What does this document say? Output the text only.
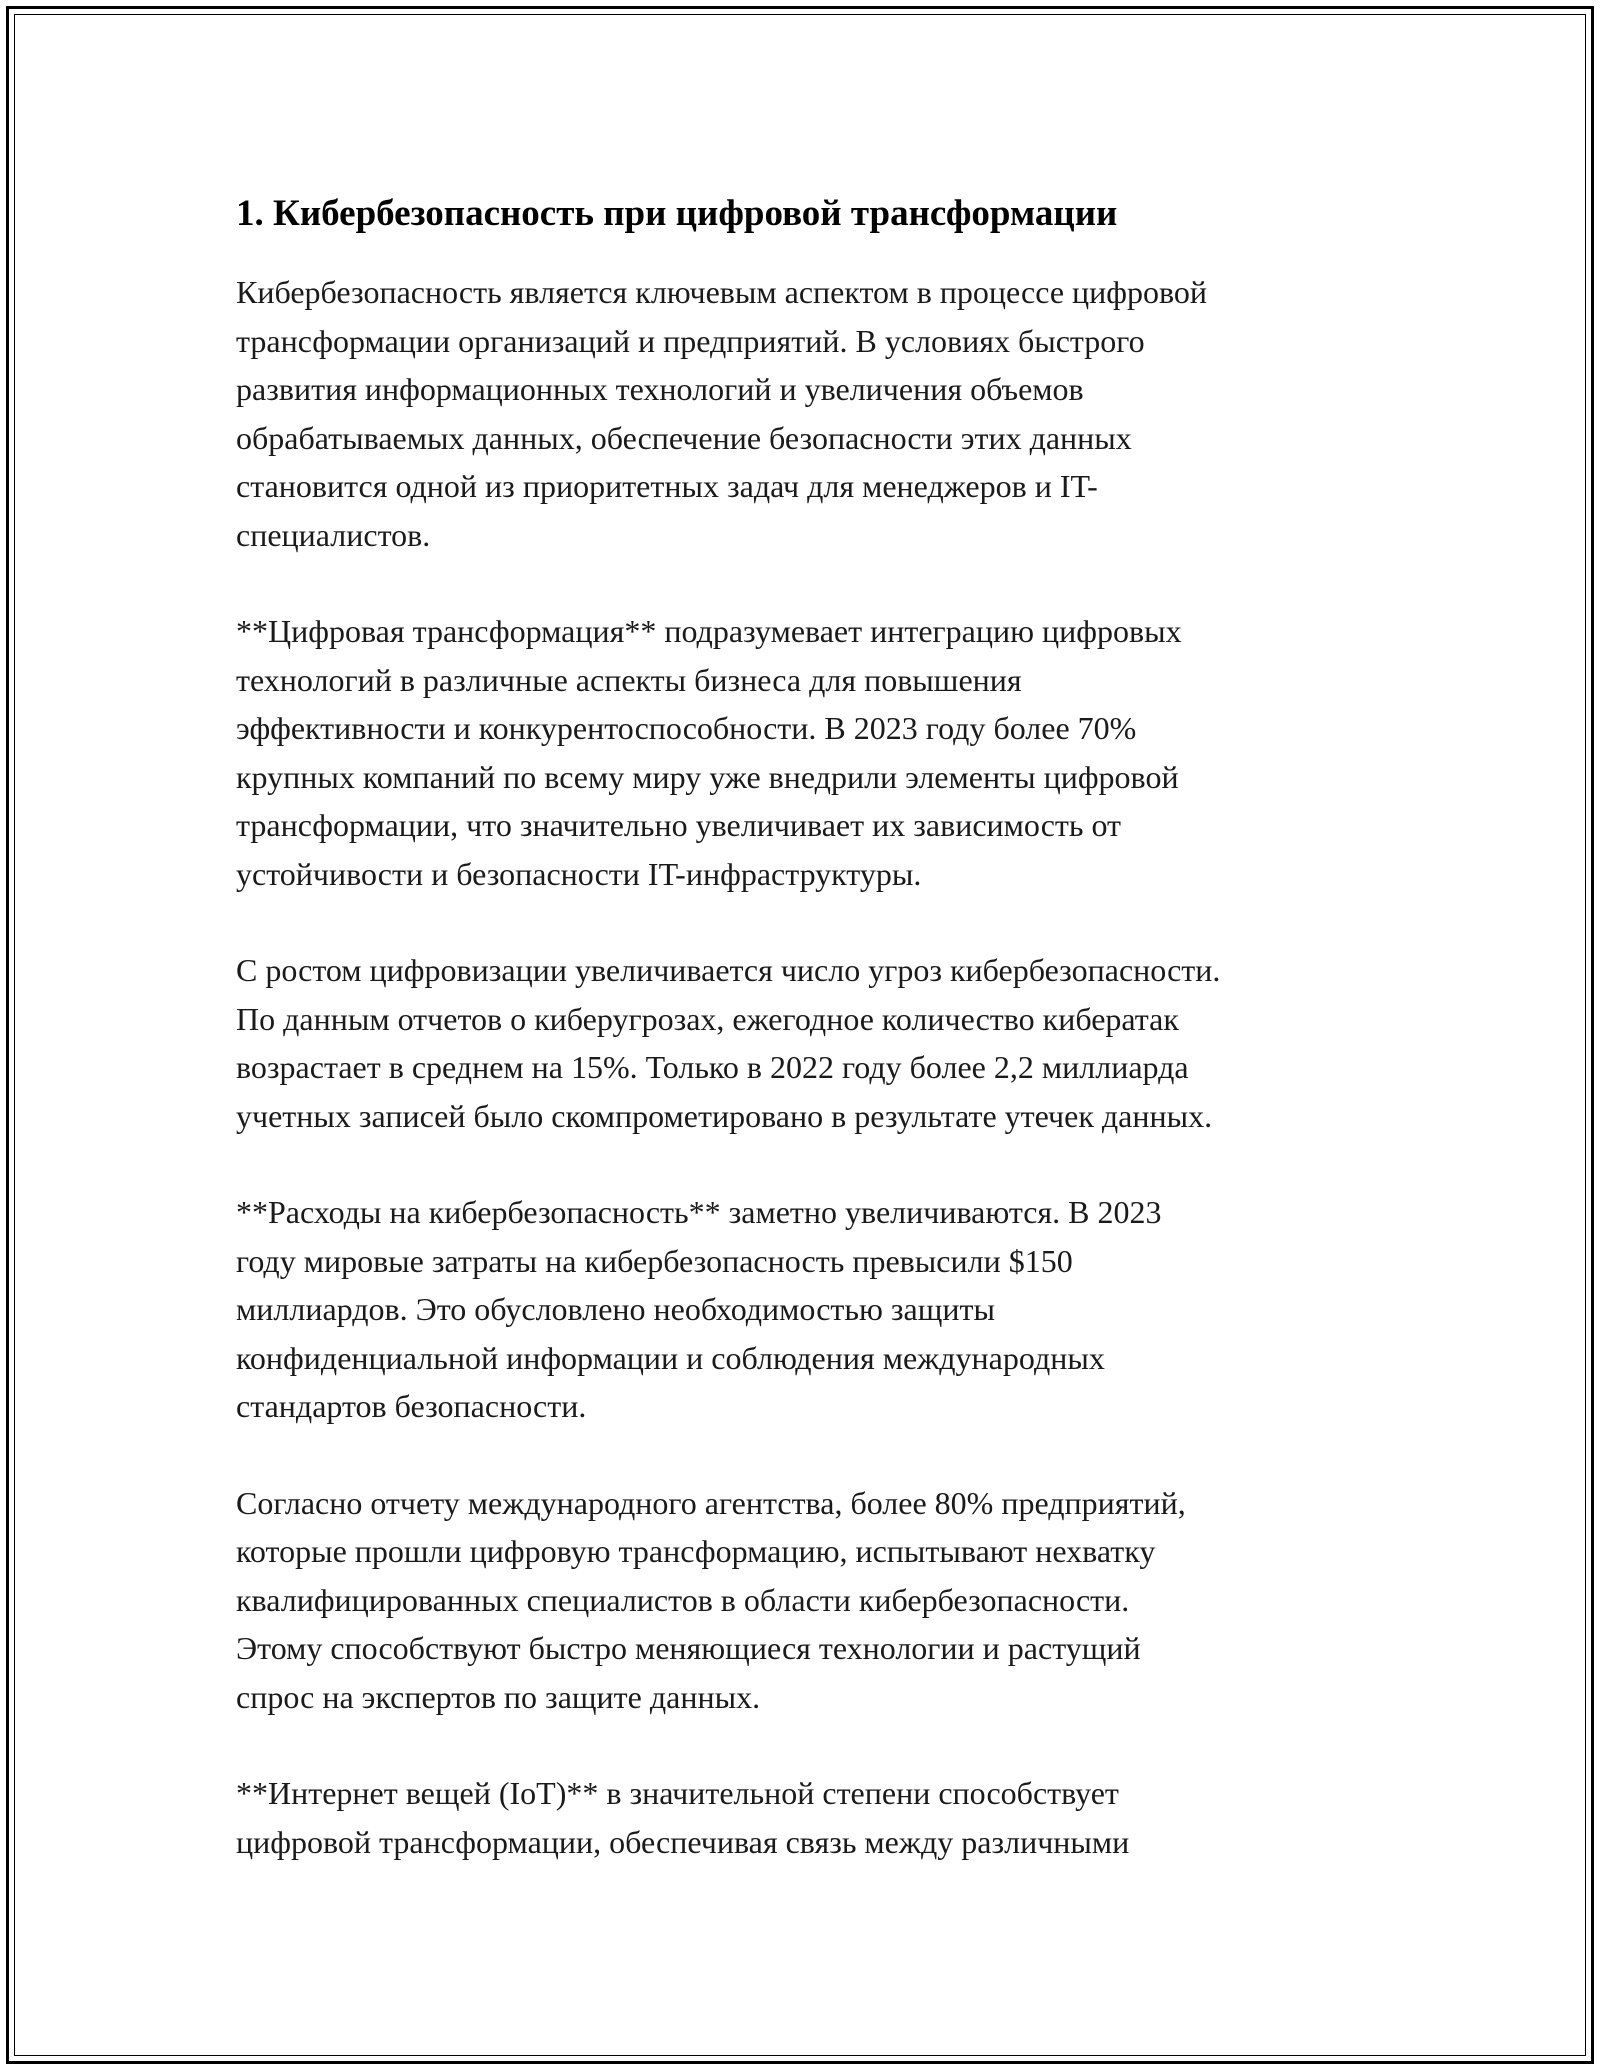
1. Кибербезопасность при цифровой трансформации

Кибербезопасность является ключевым аспектом в процессе цифровой
трансформации организаций и предприятий. В условиях быстрого
развития информационных технологий и увеличения объемов
обрабатываемых данных, обеспечение безопасности этих данных
становится одной из приоритетных задач для менеджеров и IT-
специалистов.

**Цифровая трансформация** подразумевает интеграцию цифровых
технологий в различные аспекты бизнеса для повышения
эффективности и конкурентоспособности. В 2023 году более 70%
крупных компаний по всему миру уже внедрили элементы цифровой
трансформации, что значительно увеличивает их зависимость от
устойчивости и безопасности IT-инфраструктуры.

С ростом цифровизации увеличивается число угроз кибербезопасности.
По данным отчетов о киберугрозах, ежегодное количество кибератак
возрастает в среднем на 15%. Только в 2022 году более 2,2 миллиарда
учетных записей было скомпрометировано в результате утечек данных.

**Расходы на кибербезопасность** заметно увеличиваются. В 2023
году мировые затраты на кибербезопасность превысили $150
миллиардов. Это обусловлено необходимостью защиты
конфиденциальной информации и соблюдения международных
стандартов безопасности.

Согласно отчету международного агентства, более 80% предприятий,
которые прошли цифровую трансформацию, испытывают нехватку
квалифицированных специалистов в области кибербезопасности.
Этому способствуют быстро меняющиеся технологии и растущий
спрос на экспертов по защите данных.

**Интернет вещей (IoT)** в значительной степени способствует
цифровой трансформации, обеспечивая связь между различными
